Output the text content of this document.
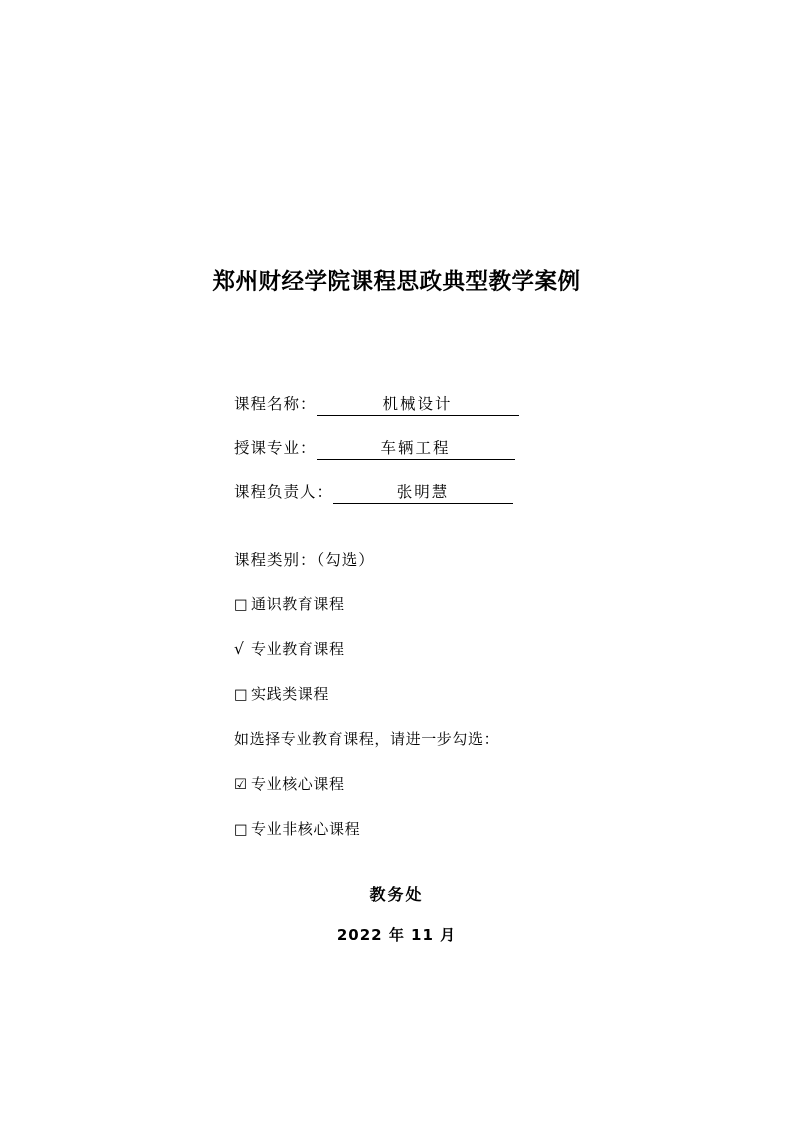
郑州财经学院课程思政典型教学案例
课程名称：	机械设计
授课专业：	车辆工程
课程负责人：	张明慧
课程类别：（勾选）
□ 通识教育课程
√ 专业教育课程
□ 实践类课程
如选择专业教育课程，请进一步勾选：
☑ 专业核心课程
□ 专业非核心课程
教务处
2022 年 11 月
